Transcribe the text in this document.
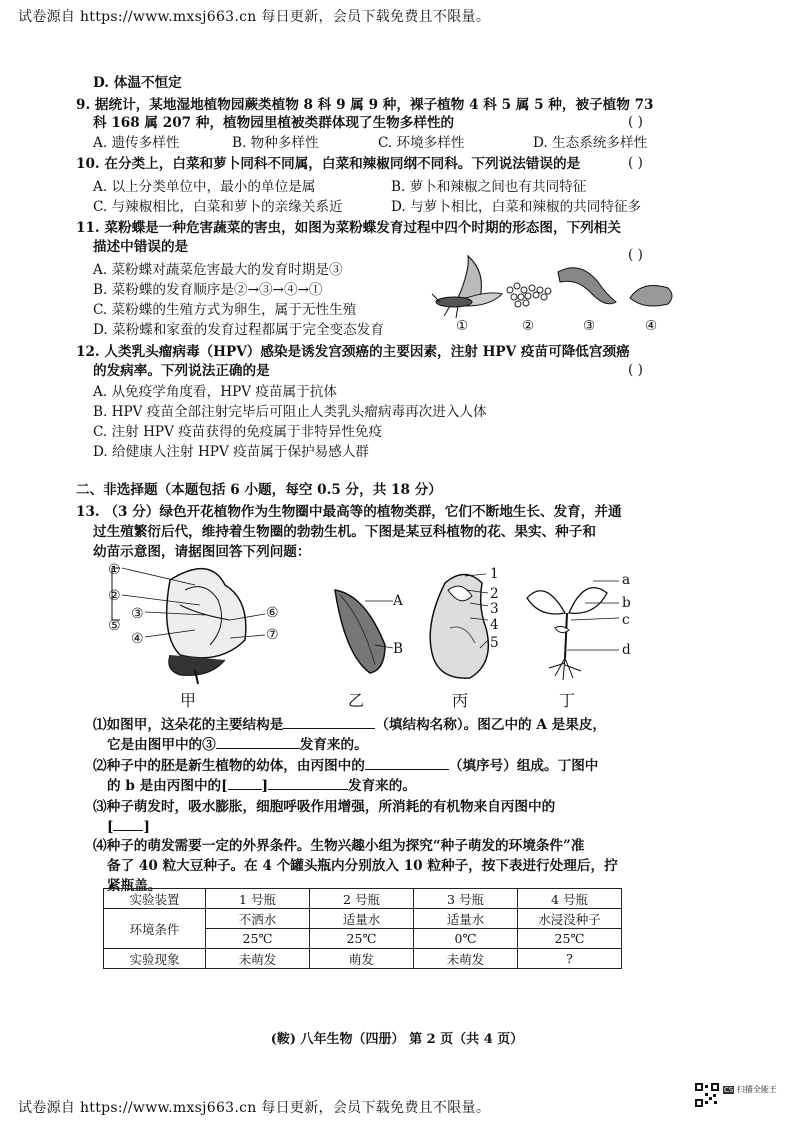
试卷源自 https://www.mxsj663.cn 每日更新，会员下载免费且不限量。
D. 体温不恒定
9. 据统计，某地湿地植物园蕨类植物 8 科 9 属 9 种，裸子植物 4 科 5 属 5 种，被子植物 73
科 168 属 207 种，植物园里植被类群体现了生物多样性的	( )
A. 遗传多样性	B. 物种多样性	C. 环境多样性	D. 生态系统多样性
10. 在分类上，白菜和萝卜同科不同属，白菜和辣椒同纲不同科。下列说法错误的是	( )
A. 以上分类单位中，最小的单位是属	B. 萝卜和辣椒之间也有共同特征
C. 与辣椒相比，白菜和萝卜的亲缘关系近	D. 与萝卜相比，白菜和辣椒的共同特征多
11. 菜粉蝶是一种危害蔬菜的害虫，如图为菜粉蝶发育过程中四个时期的形态图，下列相关
描述中错误的是	( )
A. 菜粉蝶对蔬菜危害最大的发育时期是③
B. 菜粉蝶的发育顺序是②→③→④→①
C. 菜粉蝶的生殖方式为卵生，属于无性生殖
D. 菜粉蝶和家蚕的发育过程都属于完全变态发育	①	②	③	④
12. 人类乳头瘤病毒（HPV）感染是诱发宫颈癌的主要因素，注射 HPV 疫苗可降低宫颈癌
的发病率。下列说法正确的是	( )
A. 从免疫学角度看，HPV 疫苗属于抗体
B. HPV 疫苗全部注射完毕后可阻止人类乳头瘤病毒再次进入人体
C. 注射 HPV 疫苗获得的免疫属于非特异性免疫
D. 给健康人注射 HPV 疫苗属于保护易感人群
二、非选择题（本题包括 6 小题，每空 0.5 分，共 18 分）
13. （3 分）绿色开花植物作为生物圈中最高等的植物类群，它们不断地生长、发育，并通
过生殖繁衍后代，维持着生物圈的勃勃生机。下图是某豆科植物的花、果实、种子和
幼苗示意图，请据图回答下列问题：
①
②
③
④
⑤
⑥
⑦
A
B
1
2
3
4
5
a
b
c
d
甲	乙	丙	丁
⑴如图甲，这朵花的主要结构是	（填结构名称）。图乙中的 A 是果皮，
它是由图甲中的③	发育来的。
⑵种子中的胚是新生植物的幼体，由丙图中的	（填序号）组成。丁图中
的 b 是由丙图中的[	]	发育来的。
⑶种子萌发时，吸水膨胀，细胞呼吸作用增强，所消耗的有机物来自丙图中的
[ ]
⑷种子的萌发需要一定的外界条件。生物兴趣小组为探究“种子萌发的环境条件”准
备了 40 粒大豆种子。在 4 个罐头瓶内分别放入 10 粒种子，按下表进行处理后，拧
紧瓶盖。
实验装置	1 号瓶	2 号瓶	3 号瓶	4 号瓶
环境条件	不洒水	适量水	适量水	水浸没种子
	25℃	25℃	0℃	25℃
实验现象	未萌发	萌发	未萌发	?
(鞍) 八年生物（四册） 第 2 页（共 4 页）
试卷源自 https://www.mxsj663.cn 每日更新，会员下载免费且不限量。
CS 扫描全能王
